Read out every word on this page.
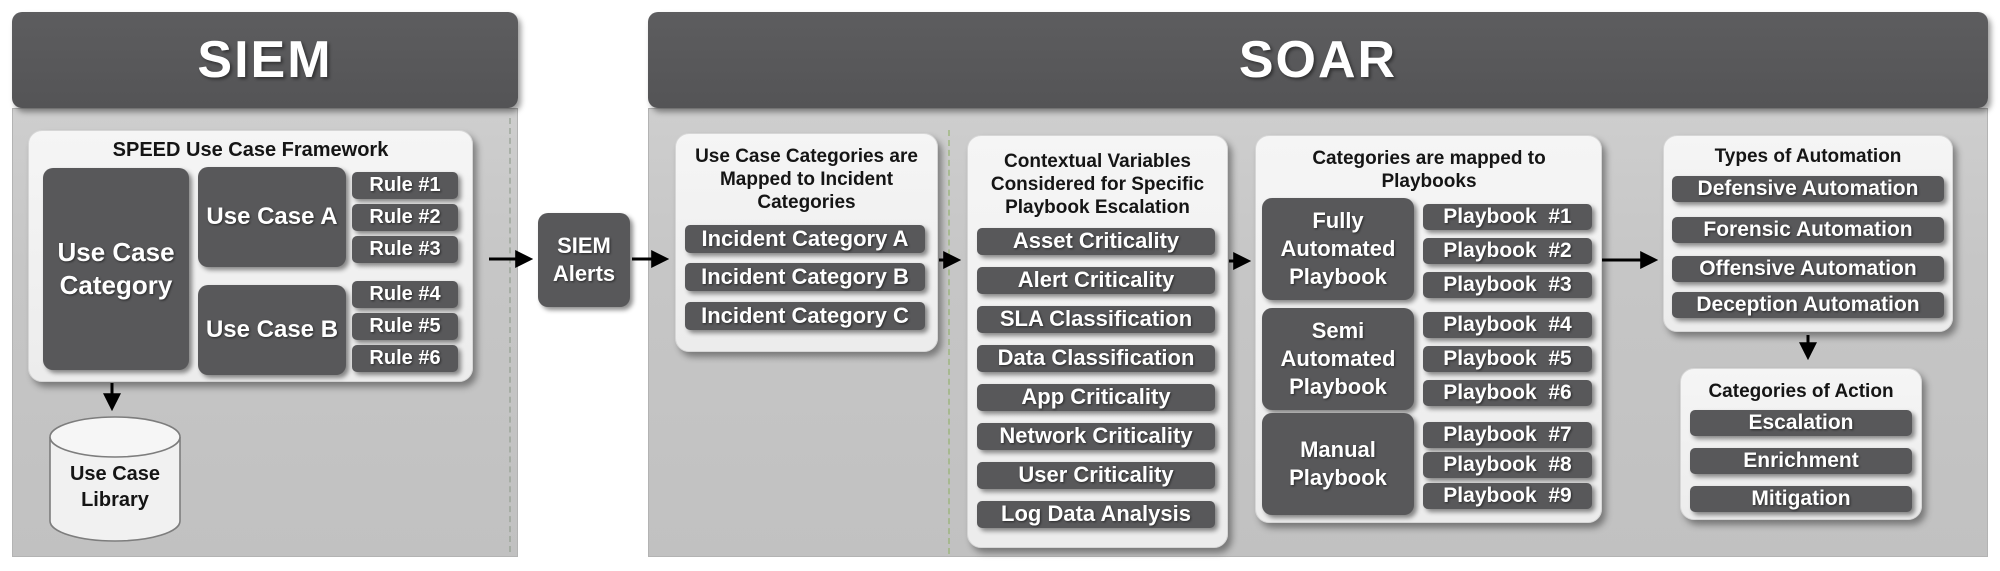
SIEM
SPEED Use Case Framework
Use Case Category
Use Case A
Use Case B
Rule #1
Rule #2
Rule #3
Rule #4
Rule #5
Rule #6
Use Case Library
SIEM Alerts
SOAR
Use Case Categories are Mapped to Incident Categories
Incident Category A
Incident Category B
Incident Category C
Contextual Variables Considered for Specific Playbook Escalation
Asset Criticality
Alert Criticality
SLA Classification
Data Classification
App Criticality
Network Criticality
User Criticality
Log Data Analysis
Categories are mapped to Playbooks
Fully Automated Playbook
Semi Automated Playbook
Manual Playbook
Playbook  #1
Playbook  #2
Playbook  #3
Playbook  #4
Playbook  #5
Playbook  #6
Playbook  #7
Playbook  #8
Playbook  #9
Types of Automation
Defensive Automation
Forensic Automation
Offensive Automation
Deception Automation
Categories of Action
Escalation
Enrichment
Mitigation
